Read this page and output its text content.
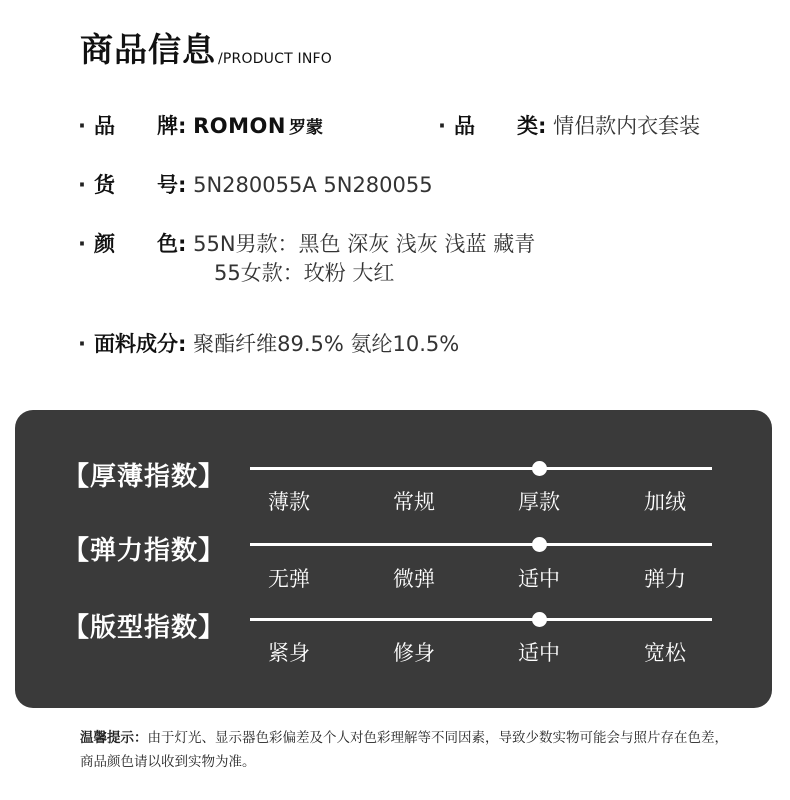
商品信息 /PRODUCT INFO
· 品　　牌: ROMON 罗蒙	· 品　　类: 情侣款内衣套装
· 货　　号: 5N280055A 5N280055
· 颜　　色: 55N男款：黑色 深灰 浅灰 浅蓝 藏青
55女款：玫粉 大红
· 面料成分: 聚酯纤维89.5% 氨纶10.5%
【厚薄指数】
薄款	常规	厚款	加绒
【弹力指数】
无弹	微弹	适中	弹力
【版型指数】
紧身	修身	适中	宽松
温馨提示：由于灯光、显示器色彩偏差及个人对色彩理解等不同因素，导致少数实物可能会与照片存在色差，商品颜色请以收到实物为准。
